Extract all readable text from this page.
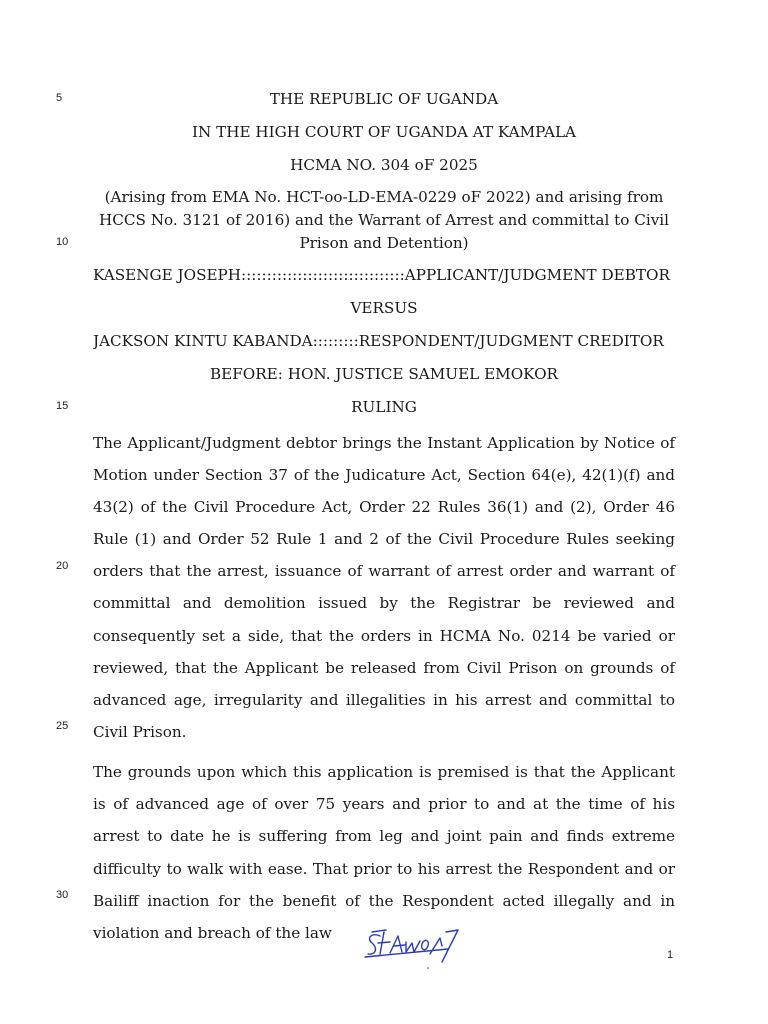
5
10
15
20
25
30
THE REPUBLIC OF UGANDA
IN THE HIGH COURT OF UGANDA AT KAMPALA
HCMA NO. 304 oF 2025
(Arising from EMA No. HCT-oo-LD-EMA-0229 oF 2022) and arising from HCCS No. 3121 of 2016) and the Warrant of Arrest and committal to Civil Prison and Detention)
KASENGE JOSEPH::::::::::::::::::::::::::::::::APPLICANT/JUDGMENT DEBTOR
VERSUS
JACKSON KINTU KABANDA:::::::::RESPONDENT/JUDGMENT CREDITOR
BEFORE: HON. JUSTICE SAMUEL EMOKOR
RULING
The Applicant/Judgment debtor brings the Instant Application by Notice of Motion under Section 37 of the Judicature Act, Section 64(e), 42(1)(f) and 43(2) of the Civil Procedure Act, Order 22 Rules 36(1) and (2), Order 46 Rule (1) and Order 52 Rule 1 and 2 of the Civil Procedure Rules seeking orders that the arrest, issuance of warrant of arrest order and warrant of committal and demolition issued by the Registrar be reviewed and consequently set a side, that the orders in HCMA No. 0214 be varied or reviewed, that the Applicant be released from Civil Prison on grounds of advanced age, irregularity and illegalities in his arrest and committal to Civil Prison.
The grounds upon which this application is premised is that the Applicant is of advanced age of over 75 years and prior to and at the time of his arrest to date he is suffering from leg and joint pain and finds extreme difficulty to walk with ease. That prior to his arrest the Respondent and or Bailiff inaction for the benefit of the Respondent acted illegally and in violation and breach of the law
1
